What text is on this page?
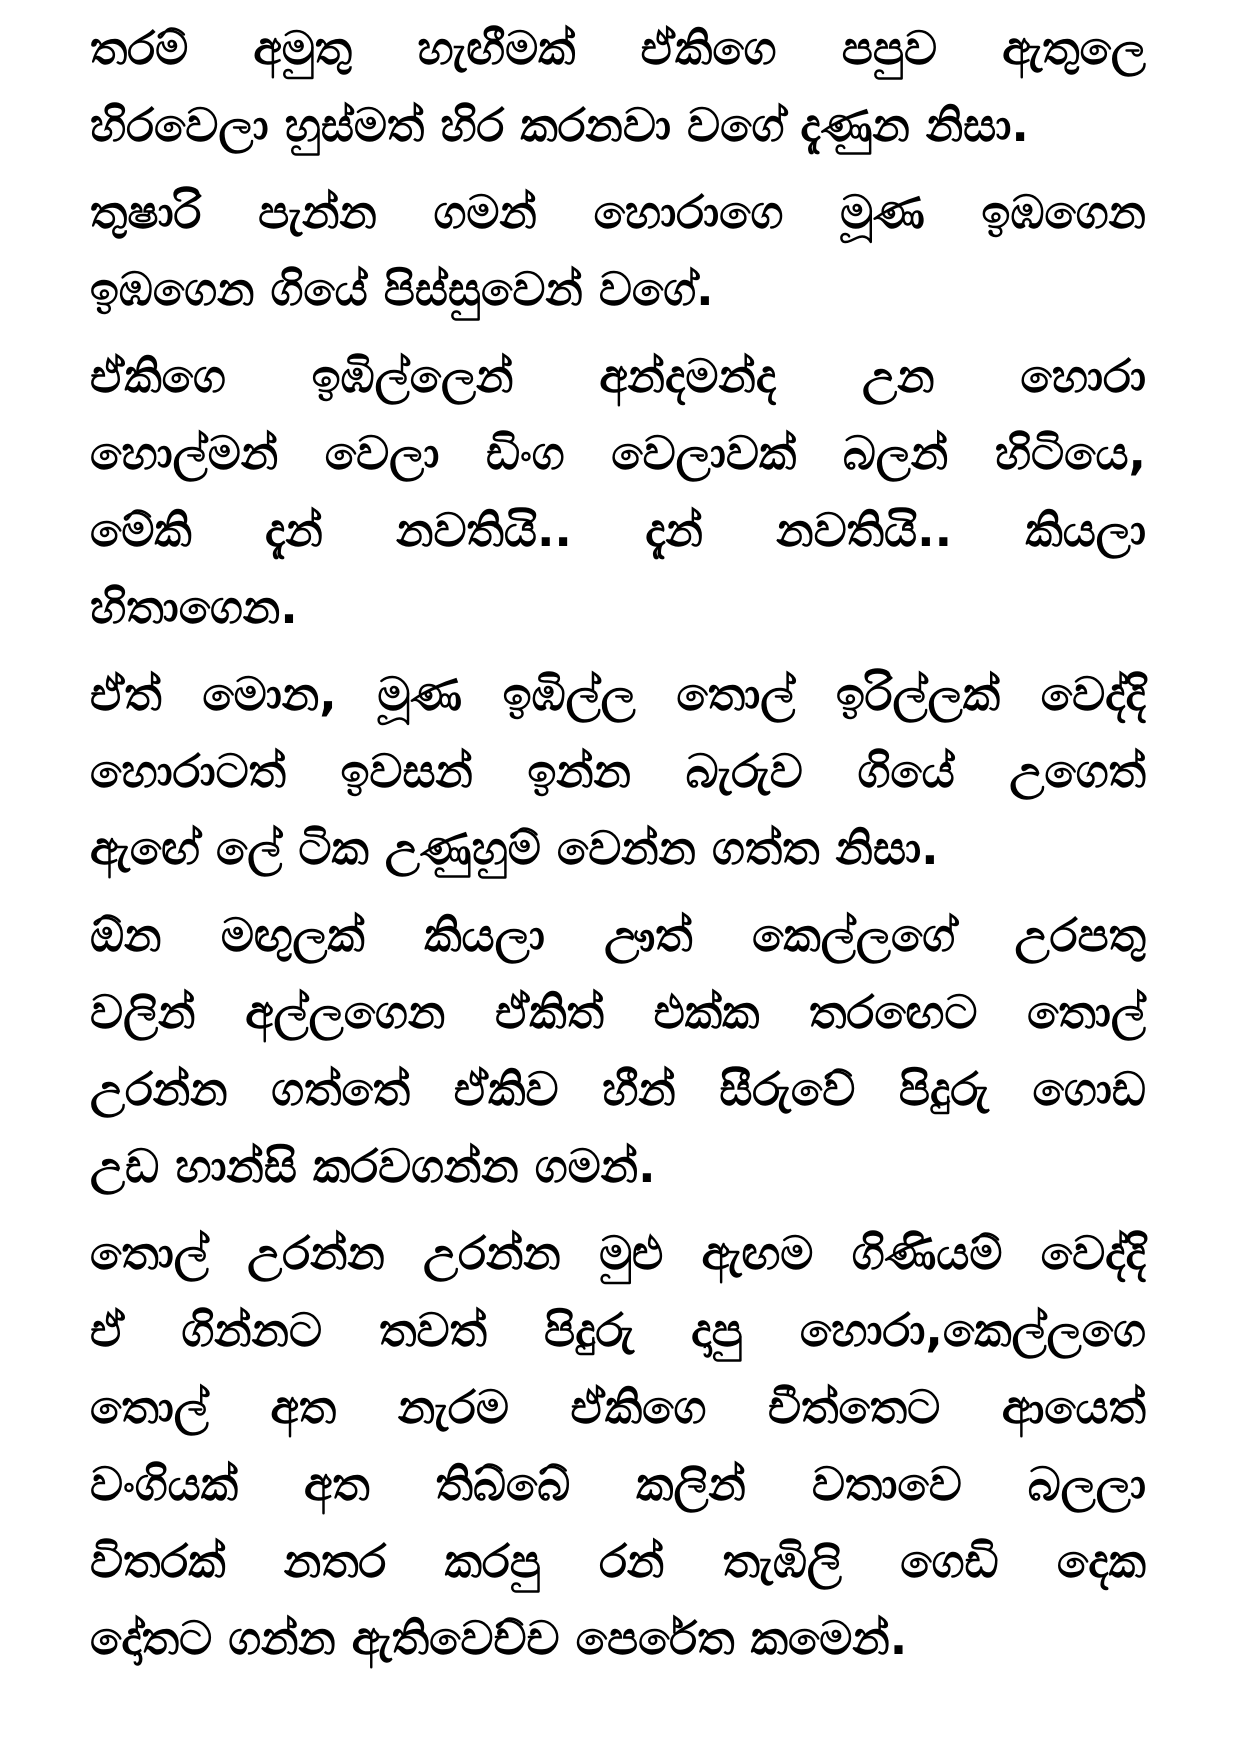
තරම් අමුතු හැඟීමක් ඒකිගෙ පපුව ඇතුලෙ
හිරවෙලා හුස්මත් හිර කරනවා වගේ දැණුන නිසා.
තුෂාරි පැන්න ගමන් හොරාගෙ මූණ ඉඹගෙන
ඉඹගෙන ගියේ පිස්සුවෙන් වගේ.
ඒකිගෙ ඉඹිල්ලෙන් අන්දමන්ද උන හොරා
හොල්මන් වෙලා ඩිංග වෙලාවක් බලන් හිටියෙ,
මේකි දැන් නවතියි.. දැන් නවතියි.. කියලා
හිතාගෙන.
ඒත් මොන, මූණ ඉඹිල්ල තොල් ඉරිල්ලක් වෙද්දි
හොරාටත් ඉවසන් ඉන්න බැරුව ගියේ උගෙත්
ඇඟේ ලේ ටික උණුහුම් වෙන්න ගත්ත නිසා.
ඕන මඟුලක් කියලා ඌත් කෙල්ලගේ උරපතු
වලින් අල්ලගෙන ඒකිත් එක්ක තරඟෙට තොල්
උරන්න ගත්තේ ඒකිව හීන් සීරුවේ පිදුරු ගොඩ
උඩ හාන්සි කරවගන්න ගමන්.
තොල් උරන්න උරන්න මුළු ඇඟම ගිණියම් වෙද්දි
ඒ ගින්නට තවත් පිදුරු දාපු හොරා,කෙල්ලගෙ
තොල් අත නැරම ඒකිගෙ චීත්තෙට ආයෙත්
වංගියක් අත තිබ්බේ කලින් වතාවෙ බලලා
විතරක් නතර කරපු රන් තැඹිලි ගෙඩි දෙක
දෝතට ගන්න ඇතිවෙච්ච පෙරේත කමෙන්.
